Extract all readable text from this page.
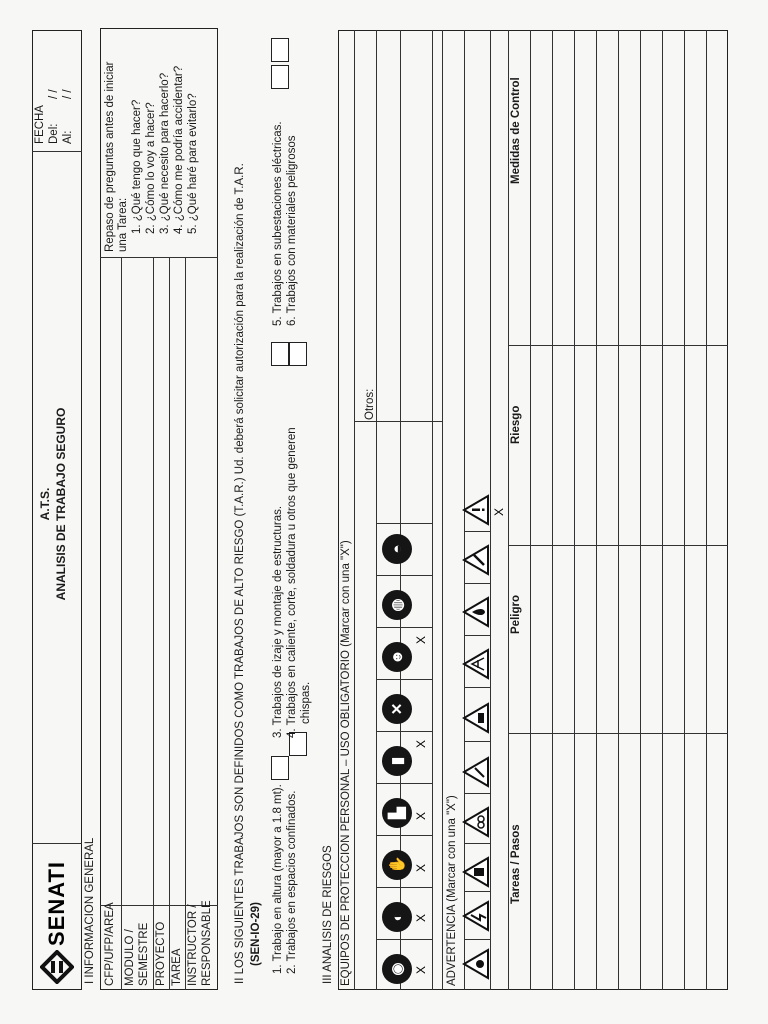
SENATI
A.T.S. ANALISIS DE TRABAJO SEGURO
FECHA Del:
/ /
Al:
/ /
I INFORMACION GENERAL CFP/UFP/AREA MODULO / SEMESTRE PROYECTO TAREA INSTRUCTOR / RESPONSABLE
Repaso de preguntas antes de iniciar una Tarea: 1. ¿Qué tengo que hacer? 2. ¿Cómo lo voy a hacer? 3. ¿Qué necesito para hacerlo? 4. ¿Cómo me podría accidentar? 5. ¿Qué haré para evitarlo?	II LOS SIGUIENTES TRABAJOS SON DEFINIDOS COMO TRABAJOS DE ALTO RIESGO (T.A.R.) Ud. deberá solicitar autorización para la realización de T.A.R. (SEN-IO-29) 1. Trabajo en altura (mayor a 1.8 mt). 2. Trabajos en espacios confinados.
3. Trabajos de izaje y montaje de estructuras. 4. Trabajos en caliente, corte, soldadura u otros que generen chispas.
5. Trabajos en subestaciones eléctricas. 6. Trabajos con materiales peligrosos
III ANALISIS DE RIESGOS EQUIPOS DE PROTECCION PERSONAL – USO OBLIGATORIO (Marcar con una "X")
Otros:
◉
◐
✋
▙
▮
✕
☻
◍
◓
X
X
X
X
X
X
ADVERTENCIA (Marcar con una "X")
X
Tareas / Pasos
Peligro
Riesgo
Medidas de Control
